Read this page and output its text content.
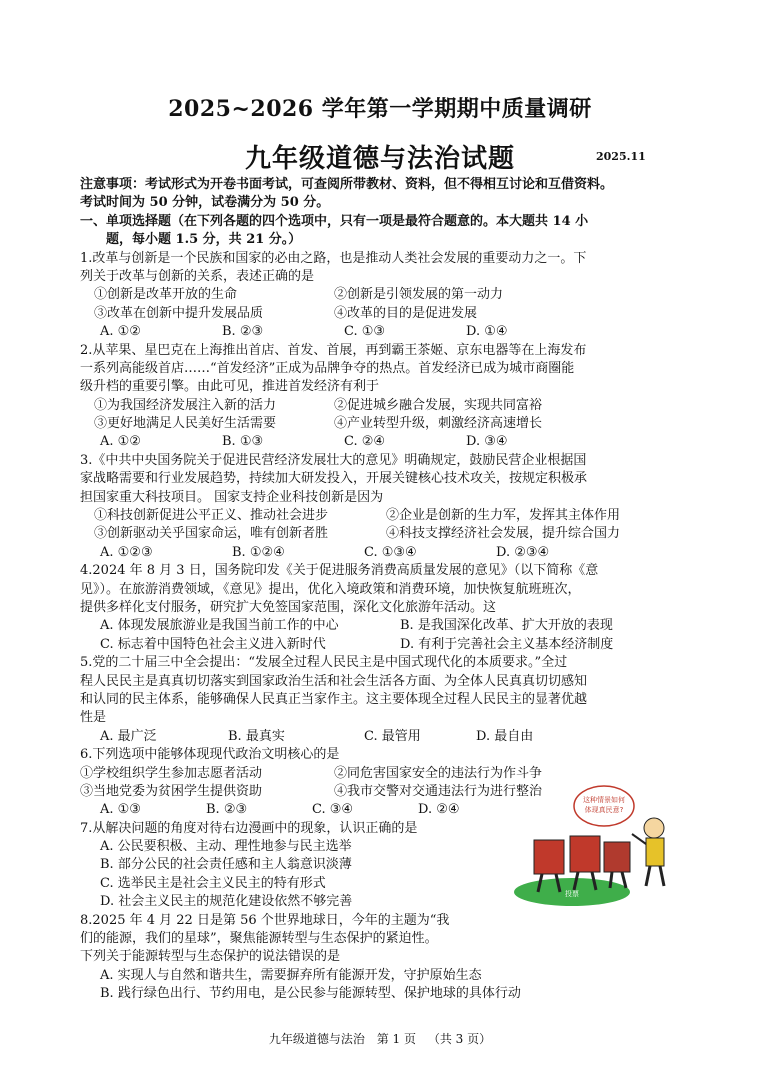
2025~2026 学年第一学期期中质量调研
九年级道德与法治试题	2025.11
注意事项：考试形式为开卷书面考试，可查阅所带教材、资料，但不得相互讨论和互借资料。
考试时间为 50 分钟，试卷满分为 50 分。
一、单项选择题（在下列各题的四个选项中，只有一项是最符合题意的。本大题共 14 小
题，每小题 1.5 分，共 21 分。）
1.改革与创新是一个民族和国家的必由之路，也是推动人类社会发展的重要动力之一。下
列关于改革与创新的关系，表述正确的是
①创新是改革开放的生命	②创新是引领发展的第一动力
③改革在创新中提升发展品质	④改革的目的是促进发展
A. ①②	B. ②③	C. ①③	D. ①④
2.从苹果、星巴克在上海推出首店、首发、首展，再到霸王茶姬、京东电器等在上海发布
一系列高能级首店……“首发经济”正成为品牌争夺的热点。首发经济已成为城市商圈能
级升档的重要引擎。由此可见，推进首发经济有利于
①为我国经济发展注入新的活力	②促进城乡融合发展，实现共同富裕
③更好地满足人民美好生活需要	④产业转型升级，刺激经济高速增长
A. ①②	B. ①③	C. ②④	D. ③④
3.《中共中央国务院关于促进民营经济发展壮大的意见》明确规定，鼓励民营企业根据国
家战略需要和行业发展趋势，持续加大研发投入，开展关键核心技术攻关，按规定积极承
担国家重大科技项目。 国家支持企业科技创新是因为
①科技创新促进公平正义、推动社会进步	②企业是创新的生力军，发挥其主体作用
③创新驱动关乎国家命运，唯有创新者胜	④科技支撑经济社会发展，提升综合国力
A. ①②③	B. ①②④	C. ①③④	D. ②③④
4.2024 年 8 月 3 日，国务院印发《关于促进服务消费高质量发展的意见》（以下简称《意
见》）。在旅游消费领域，《意见》提出，优化入境政策和消费环境，加快恢复航班班次，
提供多样化支付服务，研究扩大免签国家范围，深化文化旅游年活动。这
A. 体现发展旅游业是我国当前工作的中心	B. 是我国深化改革、扩大开放的表现
C. 标志着中国特色社会主义进入新时代	D. 有利于完善社会主义基本经济制度
5.党的二十届三中全会提出：“发展全过程人民民主是中国式现代化的本质要求。”全过
程人民民主是真真切切落实到国家政治生活和社会生活各方面、为全体人民真真切切感知
和认同的民主体系，能够确保人民真正当家作主。这主要体现全过程人民民主的显著优越
性是
A. 最广泛	B. 最真实	C. 最管用	D. 最自由
6.下列选项中能够体现现代政治文明核心的是
①学校组织学生参加志愿者活动	②同危害国家安全的违法行为作斗争
③当地党委为贫困学生提供资助	④我市交警对交通违法行为进行整治
A. ①③	B. ②③	C. ③④	D. ②④
7.从解决问题的角度对待右边漫画中的现象，认识正确的是
A. 公民要积极、主动、理性地参与民主选举
B. 部分公民的社会责任感和主人翁意识淡薄
C. 选举民主是社会主义民主的特有形式
D. 社会主义民主的规范化建设依然不够完善
8.2025 年 4 月 22 日是第 56 个世界地球日，今年的主题为“我
们的能源，我们的星球”，聚焦能源转型与生态保护的紧迫性。
下列关于能源转型与生态保护的说法错误的是
A. 实现人与自然和谐共生，需要摒弃所有能源开发，守护原始生态
B. 践行绿色出行、节约用电，是公民参与能源转型、保护地球的具体行动
这种情景如何
体现真民意?
投票
九年级道德与法治 第 1 页 （共 3 页）
